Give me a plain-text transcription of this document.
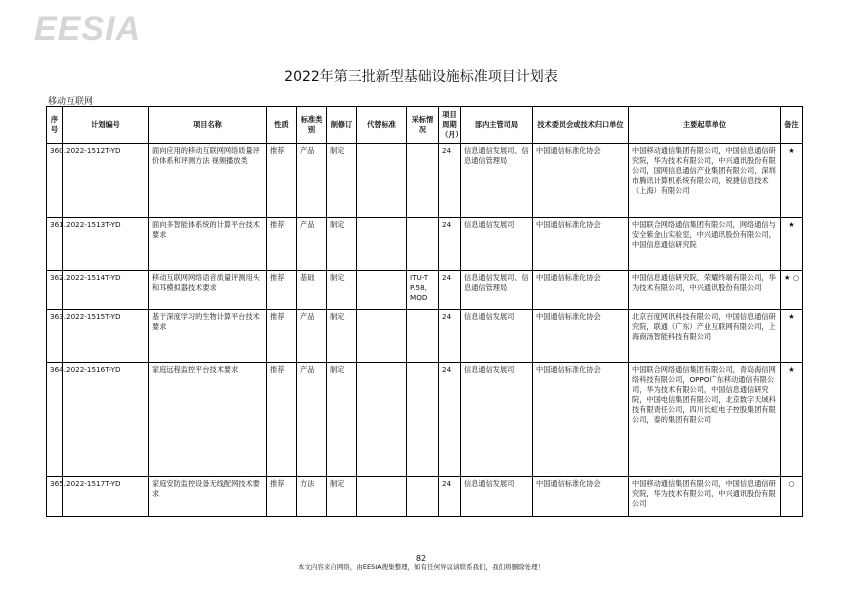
EESIA
2022年第三批新型基础设施标准项目计划表
移动互联网
序号	计划编号	项目名称	性质	标准类别	制修订	代替标准	采标情况	项目周期（月）	部内主管司局	技术委员会或技术归口单位	主要起草单位	备注
360.	2022-1512T-YD	面向应用的移动互联网网络质量评价体系和评测方法 视频播放类	推荐	产品	制定			24	信息通信发展司、信息通信管理局	中国通信标准化协会	中国移动通信集团有限公司，中国信息通信研究院，华为技术有限公司，中兴通讯股份有限公司，国网信息通信产业集团有限公司，深圳市腾讯计算机系统有限公司，锐捷信息技术（上海）有限公司	★
361.	2022-1513T-YD	面向多智能体系统的计算平台技术要求	推荐	产品	制定			24	信息通信发展司	中国通信标准化协会	中国联合网络通信集团有限公司，网络通信与安全紫金山实验室，中兴通讯股份有限公司，中国信息通信研究院	★
362.	2022-1514T-YD	移动互联网网络语音质量评测用头和耳模拟器技术要求	推荐	基础	制定		ITU-T P.58, MOD	24	信息通信发展司、信息通信管理局	中国通信标准化协会	中国信息通信研究院，荣耀终端有限公司，华为技术有限公司，中兴通讯股份有限公司	★ ○
363.	2022-1515T-YD	基于深度学习的生物计算平台技术要求	推荐	产品	制定			24	信息通信发展司	中国通信标准化协会	北京百度网讯科技有限公司，中国信息通信研究院，联通（广东）产业互联网有限公司，上海商汤智能科技有限公司	★
364.	2022-1516T-YD	家庭远程监控平台技术要求	推荐	产品	制定			24	信息通信发展司	中国通信标准化协会	中国联合网络通信集团有限公司，青岛海信网络科技有限公司，OPPO广东移动通信有限公司，华为技术有限公司，中国信息通信研究院，中国电信集团有限公司，北京数字天域科技有限责任公司，四川长虹电子控股集团有限公司，泰的集团有限公司	★
365.	2022-1517T-YD	家庭安防监控设备无线配网技术要求	推荐	方法	制定			24	信息通信发展司	中国通信标准化协会	中国移动通信集团有限公司，中国信息通信研究院，华为技术有限公司，中兴通讯股份有限公司	○
82
本文内容来自网络，由EESIA搜集整理，如有任何异议请联系我们，我们将删除处理！
